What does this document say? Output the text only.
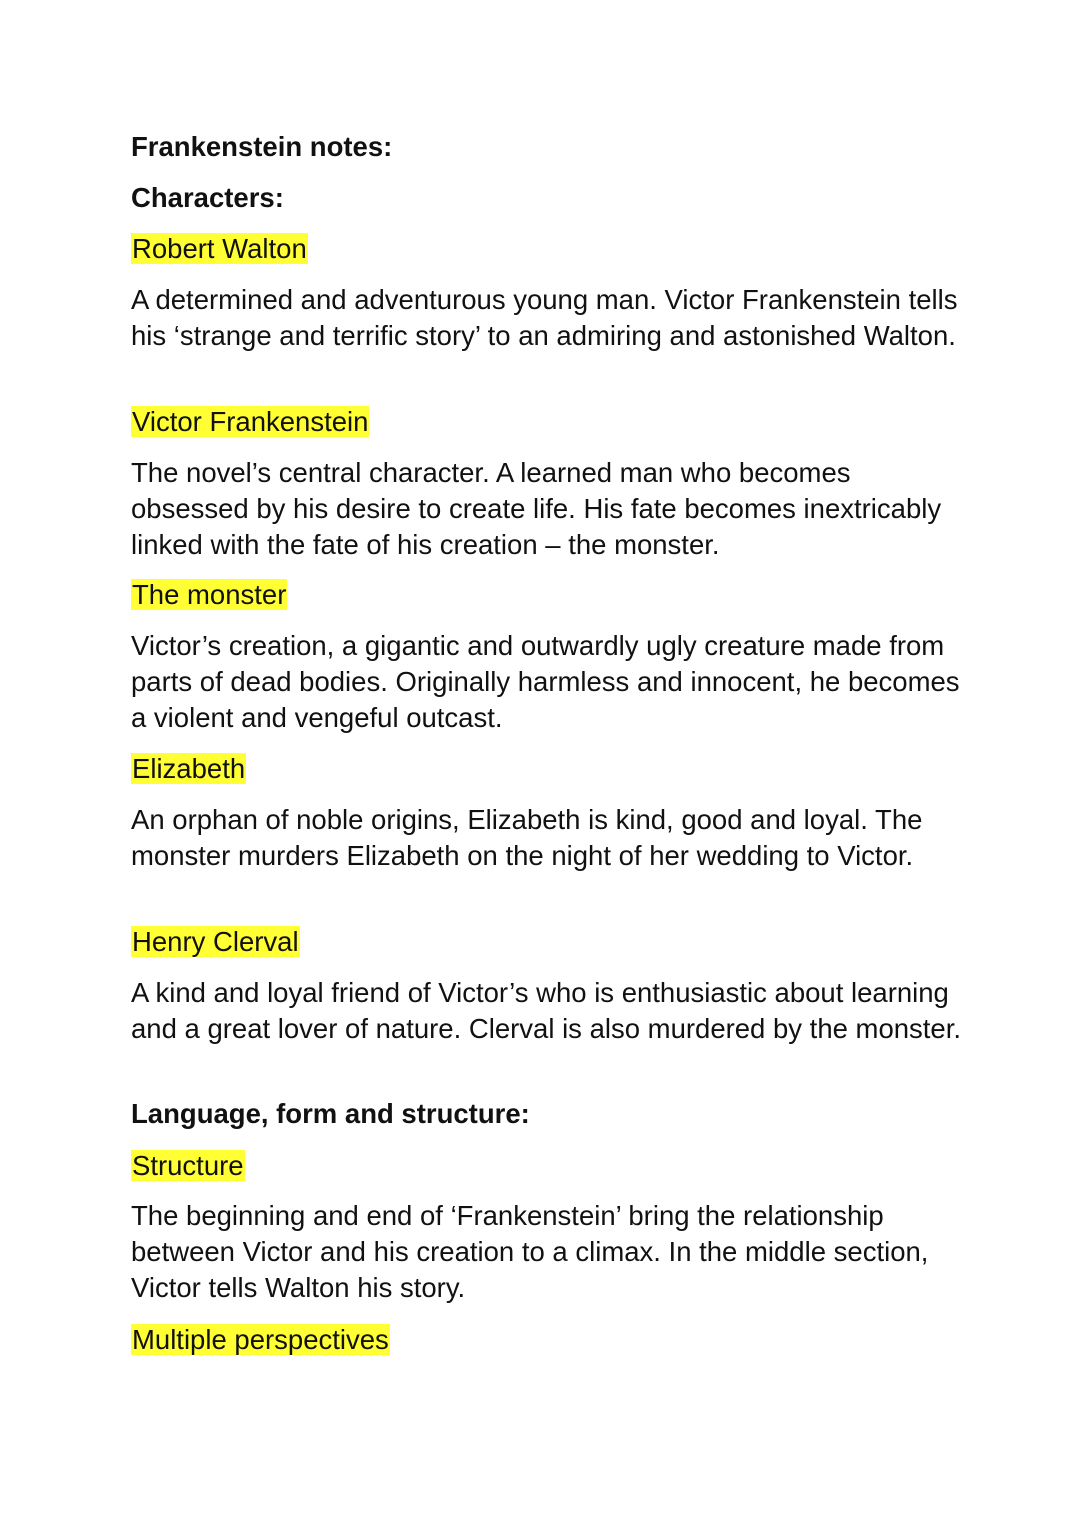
Frankenstein notes:
Characters:
Robert Walton

A determined and adventurous young man. Victor Frankenstein tells his ‘strange and terrific story’ to an admiring and astonished Walton.

Victor Frankenstein

The novel’s central character. A learned man who becomes obsessed by his desire to create life. His fate becomes inextricably linked with the fate of his creation – the monster.

The monster

Victor’s creation, a gigantic and outwardly ugly creature made from parts of dead bodies. Originally harmless and innocent, he becomes a violent and vengeful outcast.

Elizabeth

An orphan of noble origins, Elizabeth is kind, good and loyal. The monster murders Elizabeth on the night of her wedding to Victor.

Henry Clerval

A kind and loyal friend of Victor’s who is enthusiastic about learning and a great lover of nature. Clerval is also murdered by the monster.

Language, form and structure:
Structure

The beginning and end of ‘Frankenstein’ bring the relationship between Victor and his creation to a climax. In the middle section, Victor tells Walton his story.

Multiple perspectives
